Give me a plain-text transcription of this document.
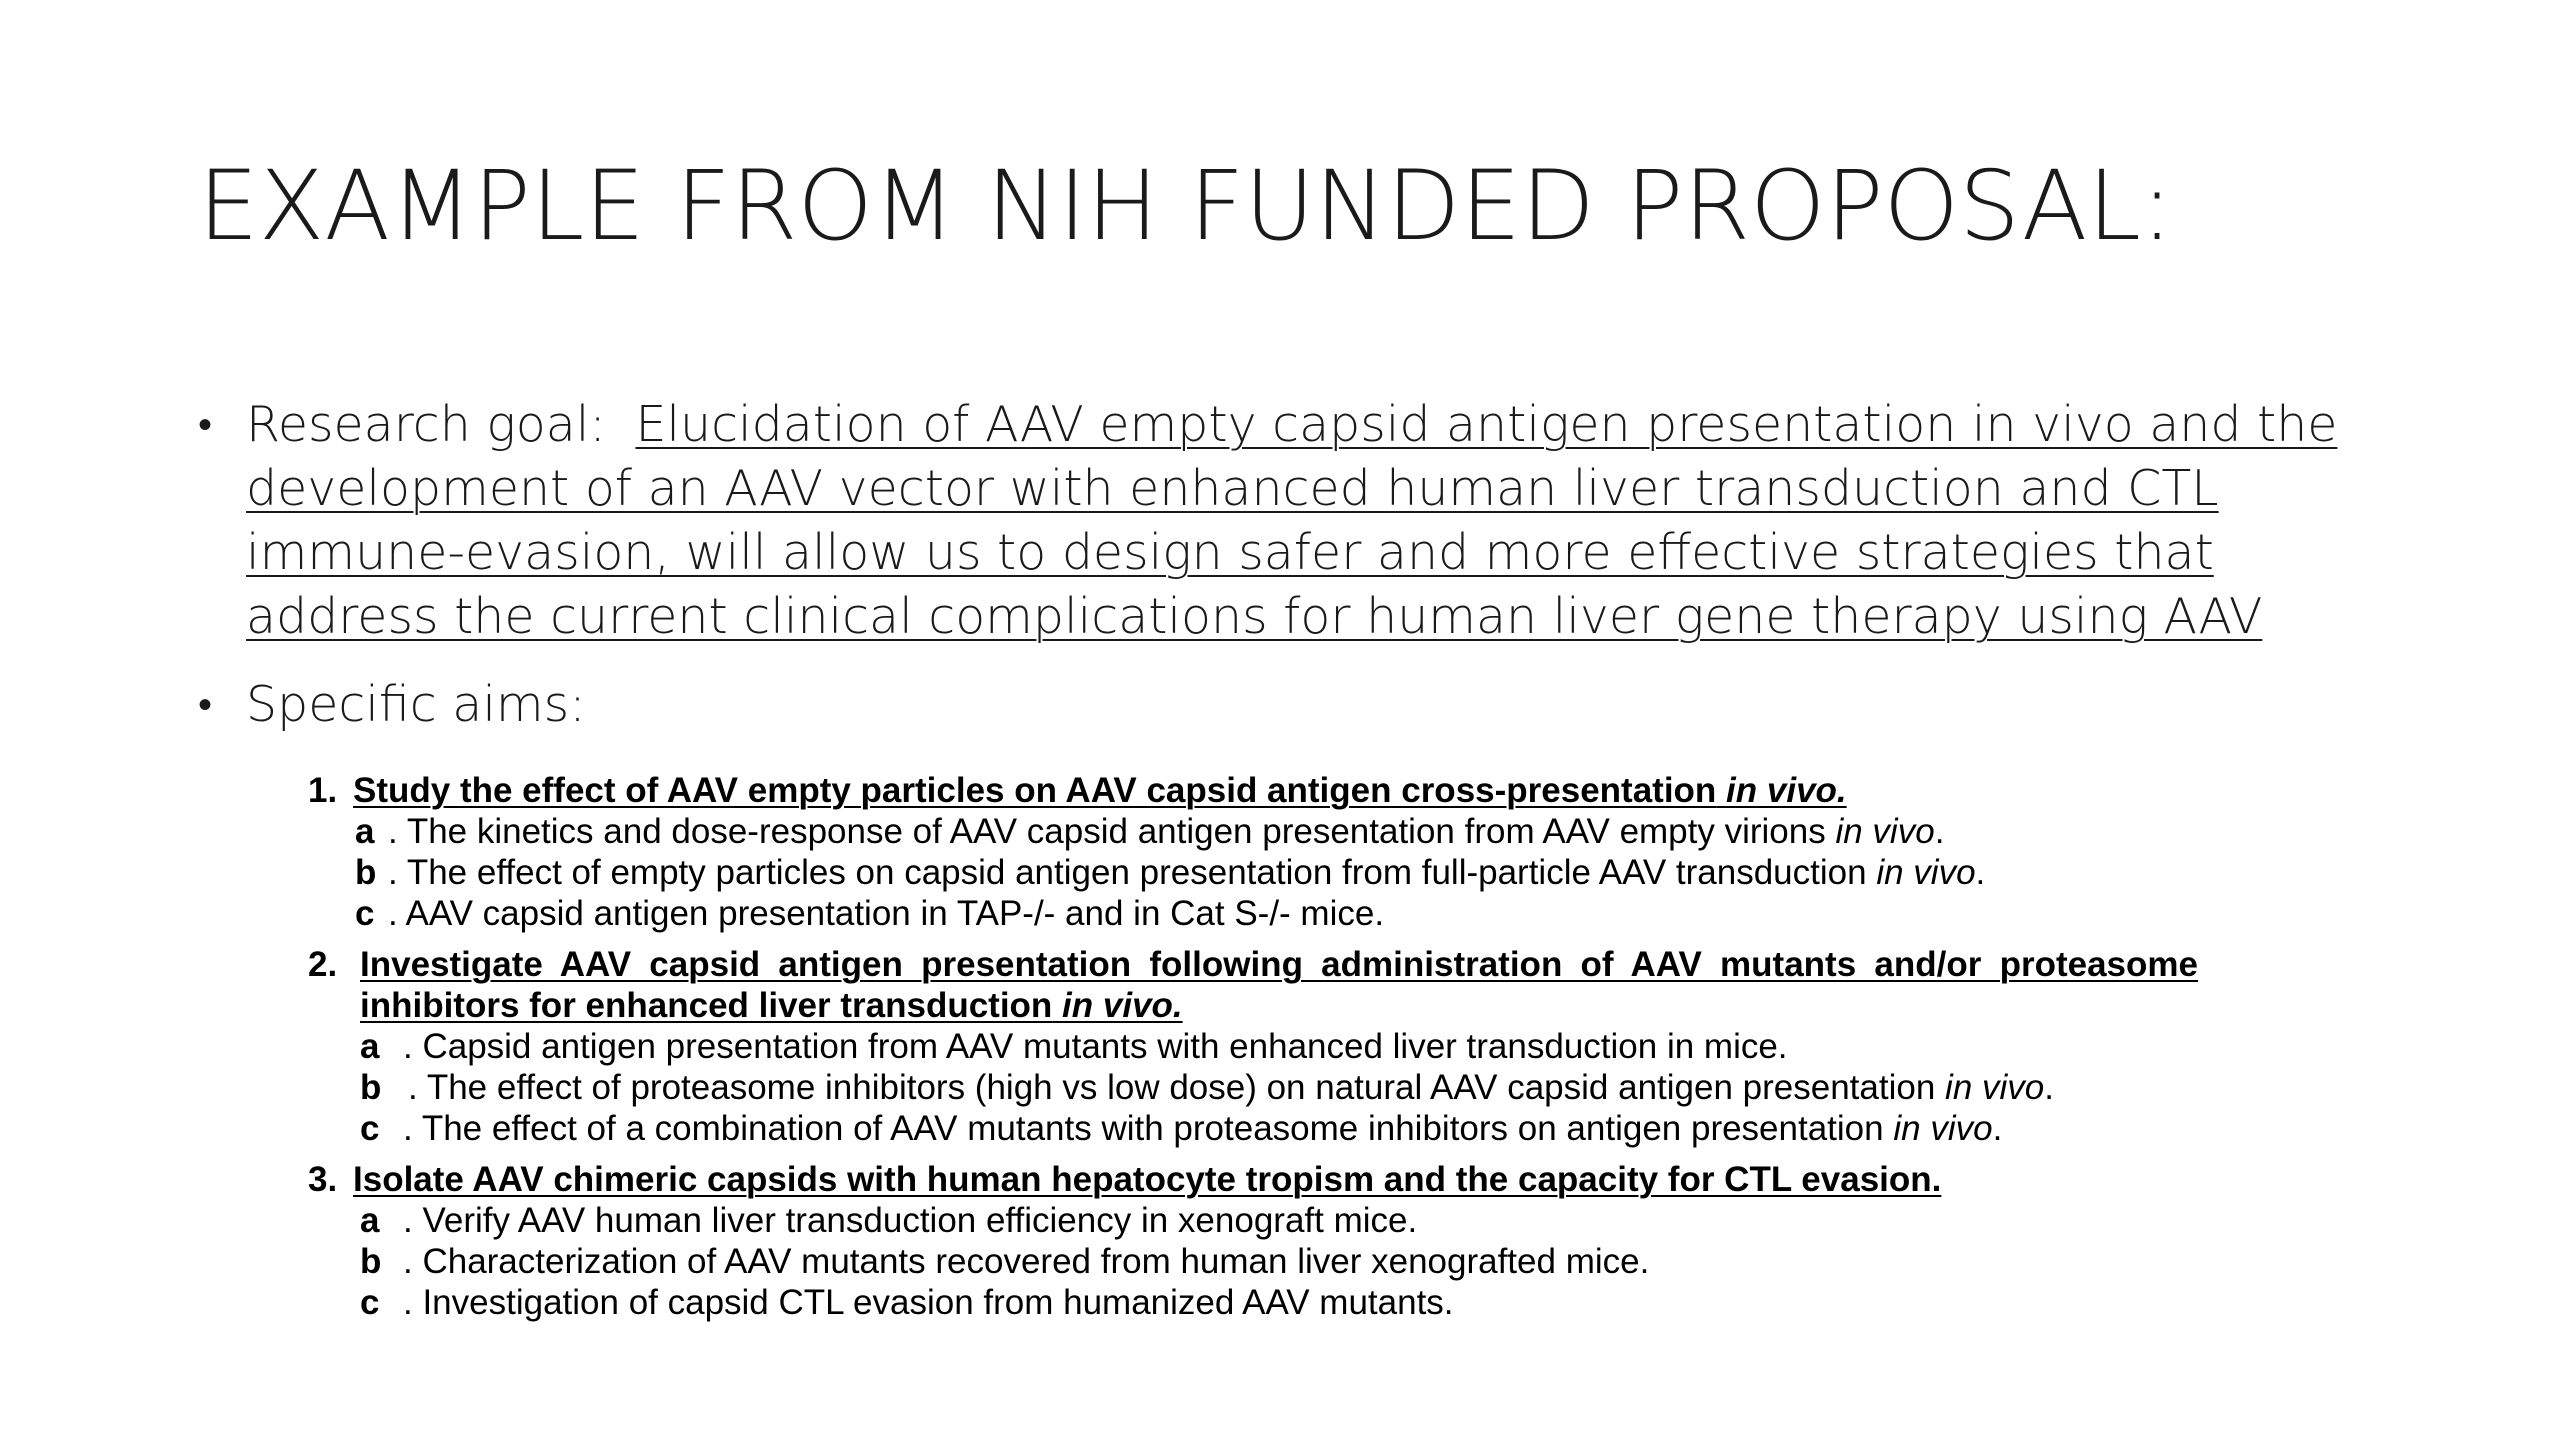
EXAMPLE FROM NIH FUNDED PROPOSAL:
• Research goal: Elucidation of AAV empty capsid antigen presentation in vivo and the development of an AAV vector with enhanced human liver transduction and CTL immune-evasion, will allow us to design safer and more effective strategies that address the current clinical complications for human liver gene therapy using AAV
• Specific aims:
1. Study the effect of AAV empty particles on AAV capsid antigen cross-presentation in vivo.
a . The kinetics and dose-response of AAV capsid antigen presentation from AAV empty virions in vivo.
b . The effect of empty particles on capsid antigen presentation from full-particle AAV transduction in vivo.
c . AAV capsid antigen presentation in TAP-/- and in Cat S-/- mice.
2. Investigate AAV capsid antigen presentation following administration of AAV mutants and/or proteasome inhibitors for enhanced liver transduction in vivo.
a . Capsid antigen presentation from AAV mutants with enhanced liver transduction in mice.
b . The effect of proteasome inhibitors (high vs low dose) on natural AAV capsid antigen presentation in vivo.
c . The effect of a combination of AAV mutants with proteasome inhibitors on antigen presentation in vivo.
3. Isolate AAV chimeric capsids with human hepatocyte tropism and the capacity for CTL evasion.
a . Verify AAV human liver transduction efficiency in xenograft mice.
b . Characterization of AAV mutants recovered from human liver xenografted mice.
c . Investigation of capsid CTL evasion from humanized AAV mutants.
